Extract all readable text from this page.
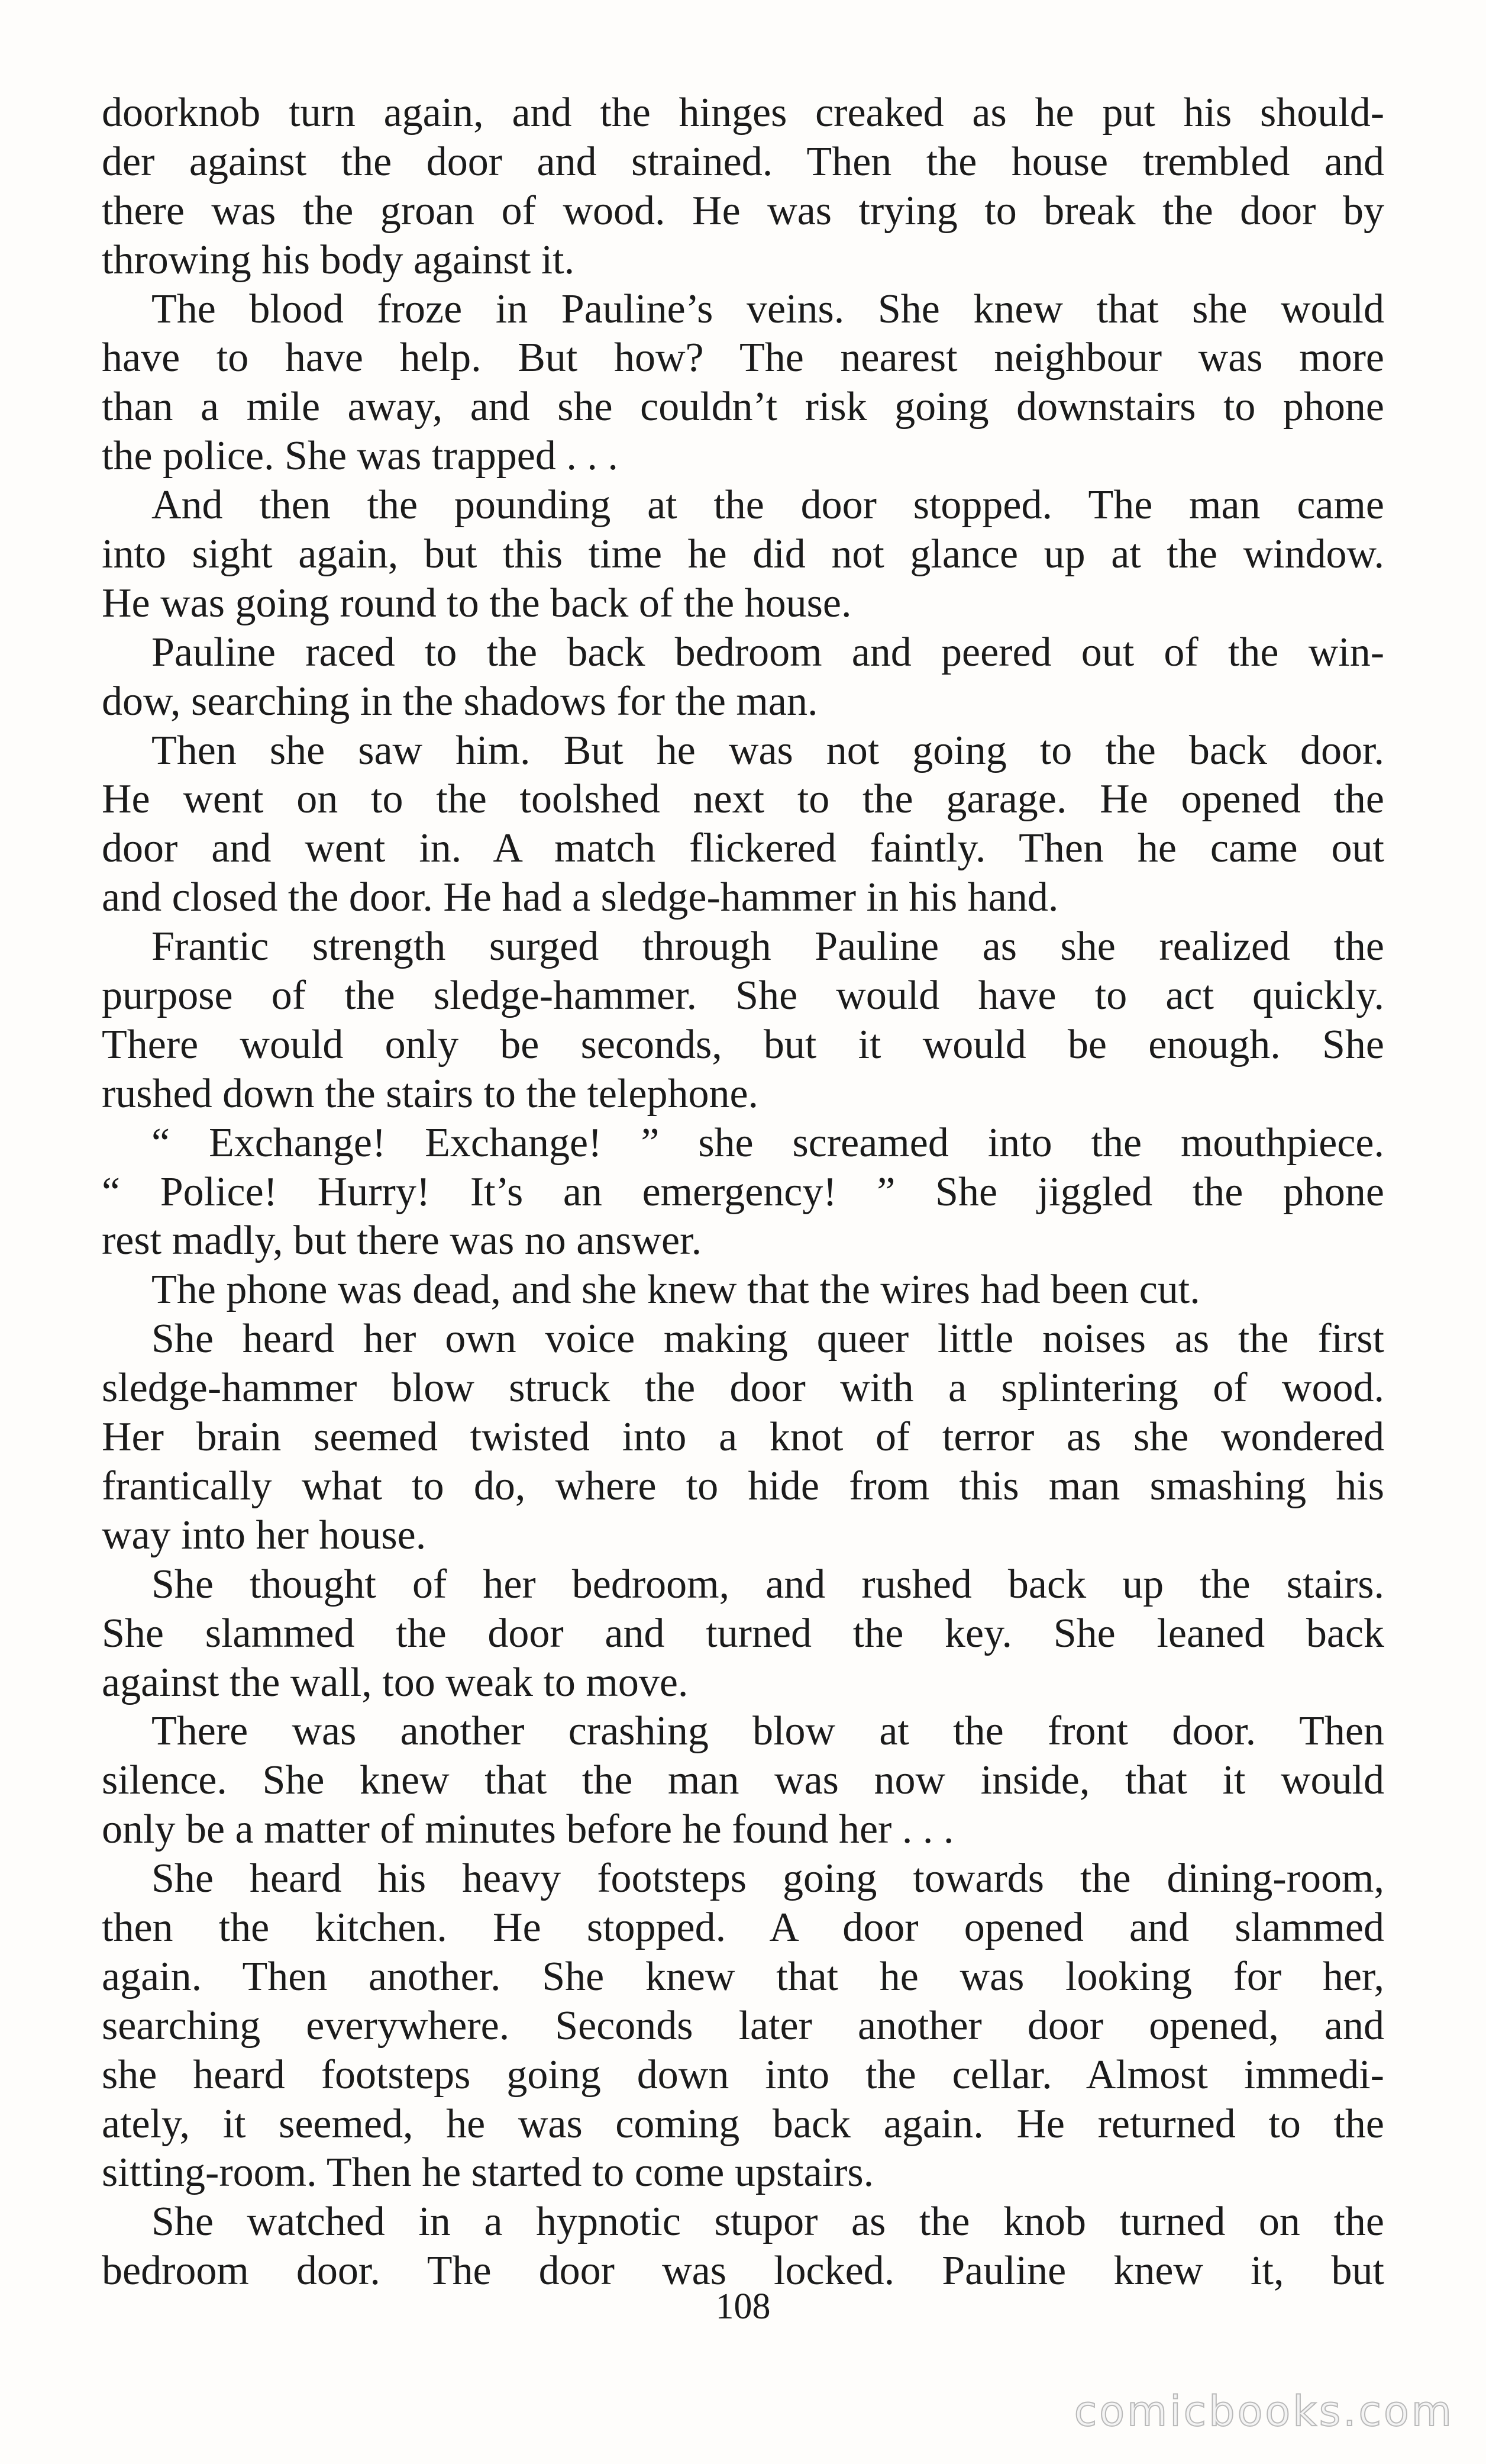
doorknob turn again, and the hinges creaked as he put his should-
der against the door and strained. Then the house trembled and
there was the groan of wood. He was trying to break the door by
throwing his body against it.
The blood froze in Pauline’s veins. She knew that she would
have to have help. But how? The nearest neighbour was more
than a mile away, and she couldn’t risk going downstairs to phone
the police. She was trapped . . .
And then the pounding at the door stopped. The man came
into sight again, but this time he did not glance up at the window.
He was going round to the back of the house.
Pauline raced to the back bedroom and peered out of the win-
dow, searching in the shadows for the man.
Then she saw him. But he was not going to the back door.
He went on to the toolshed next to the garage. He opened the
door and went in. A match flickered faintly. Then he came out
and closed the door. He had a sledge-hammer in his hand.
Frantic strength surged through Pauline as she realized the
purpose of the sledge-hammer. She would have to act quickly.
There would only be seconds, but it would be enough. She
rushed down the stairs to the telephone.
“ Exchange! Exchange! ” she screamed into the mouthpiece.
“ Police! Hurry! It’s an emergency! ” She jiggled the phone
rest madly, but there was no answer.
The phone was dead, and she knew that the wires had been cut.
She heard her own voice making queer little noises as the first
sledge-hammer blow struck the door with a splintering of wood.
Her brain seemed twisted into a knot of terror as she wondered
frantically what to do, where to hide from this man smashing his
way into her house.
She thought of her bedroom, and rushed back up the stairs.
She slammed the door and turned the key. She leaned back
against the wall, too weak to move.
There was another crashing blow at the front door. Then
silence. She knew that the man was now inside, that it would
only be a matter of minutes before he found her . . .
She heard his heavy footsteps going towards the dining-room,
then the kitchen. He stopped. A door opened and slammed
again. Then another. She knew that he was looking for her,
searching everywhere. Seconds later another door opened, and
she heard footsteps going down into the cellar. Almost immedi-
ately, it seemed, he was coming back again. He returned to the
sitting-room. Then he started to come upstairs.
She watched in a hypnotic stupor as the knob turned on the
bedroom door. The door was locked. Pauline knew it, but
108
comicbooks.com
